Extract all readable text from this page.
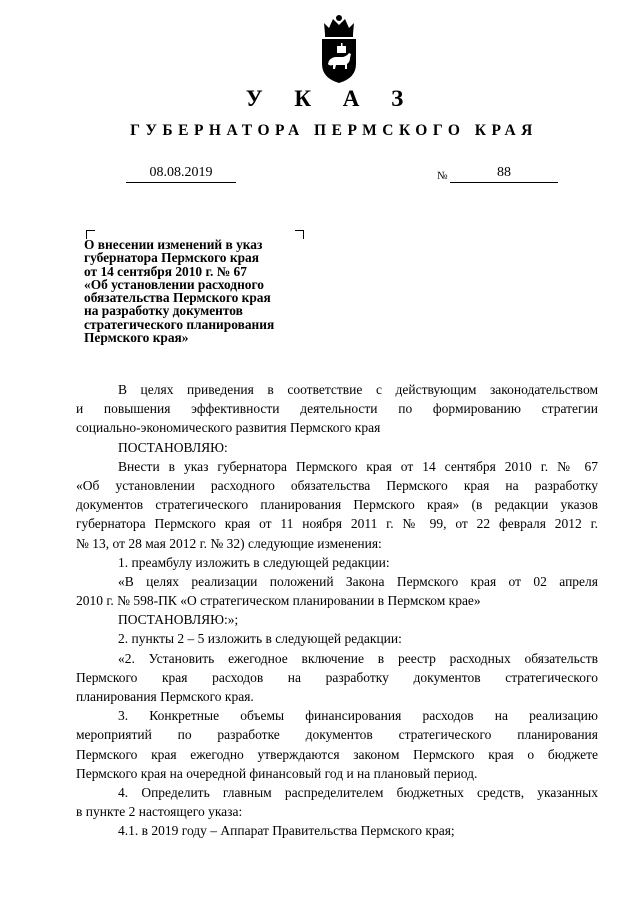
У К А З
ГУБЕРНАТОРА ПЕРМСКОГО КРАЯ
08.08.2019	№	88
О внесении изменений в указ
губернатора Пермского края
от 14 сентября 2010 г. № 67
«Об установлении расходного
обязательства Пермского края
на разработку документов
стратегического планирования
Пермского края»
В целях приведения в соответствие с действующим законодательством
и повышения эффективности деятельности по формированию стратегии
социально-экономического развития Пермского края
ПОСТАНОВЛЯЮ:
Внести в указ губернатора Пермского края от 14 сентября 2010 г. № 67
«Об установлении расходного обязательства Пермского края на разработку
документов стратегического планирования Пермского края» (в редакции указов
губернатора Пермского края от 11 ноября 2011 г. № 99, от 22 февраля 2012 г.
№ 13, от 28 мая 2012 г. № 32) следующие изменения:
1. преамбулу изложить в следующей редакции:
«В целях реализации положений Закона Пермского края от 02 апреля
2010 г. № 598-ПК «О стратегическом планировании в Пермском крае»
ПОСТАНОВЛЯЮ:»;
2. пункты 2 – 5 изложить в следующей редакции:
«2. Установить ежегодное включение в реестр расходных обязательств
Пермского края расходов на разработку документов стратегического
планирования Пермского края.
3. Конкретные объемы финансирования расходов на реализацию
мероприятий по разработке документов стратегического планирования
Пермского края ежегодно утверждаются законом Пермского края о бюджете
Пермского края на очередной финансовый год и на плановый период.
4. Определить главным распределителем бюджетных средств, указанных
в пункте 2 настоящего указа:
4.1. в 2019 году – Аппарат Правительства Пермского края;
